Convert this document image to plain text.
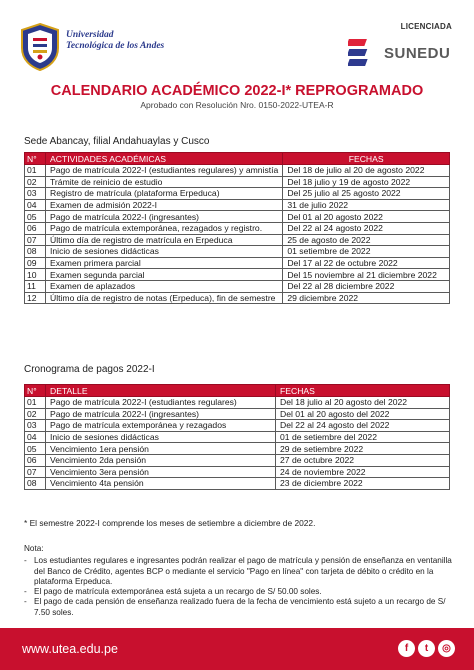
Universidad
Tecnológica de los Andes
LICENCIADA
SUNEDU
CALENDARIO ACADÉMICO 2022-I* REPROGRAMADO
Aprobado con Resolución Nro. 0150-2022-UTEA-R
Sede Abancay, filial Andahuaylas y Cusco
N°	ACTIVIDADES ACADÉMICAS	FECHAS
01	Pago de matrícula 2022-I (estudiantes regulares) y amnistía	Del 18 de julio al 20 de agosto 2022
02	Trámite de reinicio de estudio	Del 18 julio y 19 de agosto 2022
03	Registro de matrícula (plataforma Erpeduca)	Del 25 julio al 25 agosto 2022
04	Examen de admisión 2022-I	31 de julio 2022
05	Pago de matrícula 2022-I (ingresantes)	Del 01 al 20 agosto 2022
06	Pago de matrícula extemporánea, rezagados y registro.	Del 22 al 24 agosto 2022
07	Último día de registro de matrícula en Erpeduca	25 de agosto de 2022
08	Inicio de sesiones didácticas	01 setiembre de 2022
09	Examen primera parcial	Del 17 al 22 de octubre 2022
10	Examen segunda parcial	Del 15 noviembre al 21 diciembre 2022
11	Examen de aplazados	Del 22 al 28 diciembre 2022
12	Último día de registro de notas (Erpeduca), fin de semestre	29 diciembre 2022
Cronograma de pagos 2022-I
N°	DETALLE	FECHAS
01	Pago de matrícula 2022-I (estudiantes regulares)	Del 18 julio al 20 agosto del 2022
02	Pago de matrícula 2022-I (ingresantes)	Del 01 al 20 agosto del 2022
03	Pago de matrícula extemporánea y rezagados	Del 22 al 24 agosto del 2022
04	Inicio de sesiones didácticas	01 de setiembre del 2022
05	Vencimiento 1era pensión	29 de setiembre 2022
06	Vencimiento 2da pensión	27 de octubre 2022
07	Vencimiento 3era pensión	24 de noviembre 2022
08	Vencimiento 4ta pensión	23 de diciembre 2022
* El semestre 2022-I comprende los meses de setiembre a diciembre de 2022.
Nota:
- Los estudiantes regulares e ingresantes podrán realizar el pago de matrícula y pensión de enseñanza en ventanilla del Banco de Crédito, agentes BCP o mediante el servicio "Pago en línea" con tarjeta de débito o crédito en la plataforma Erpeduca.
- El pago de matrícula extemporánea está sujeta a un recargo de S/ 50.00 soles.
- El pago de cada pensión de enseñanza realizado fuera de la fecha de vencimiento está sujeto a un recargo de S/ 7.50 soles.
www.utea.edu.pe	f	t	◎
